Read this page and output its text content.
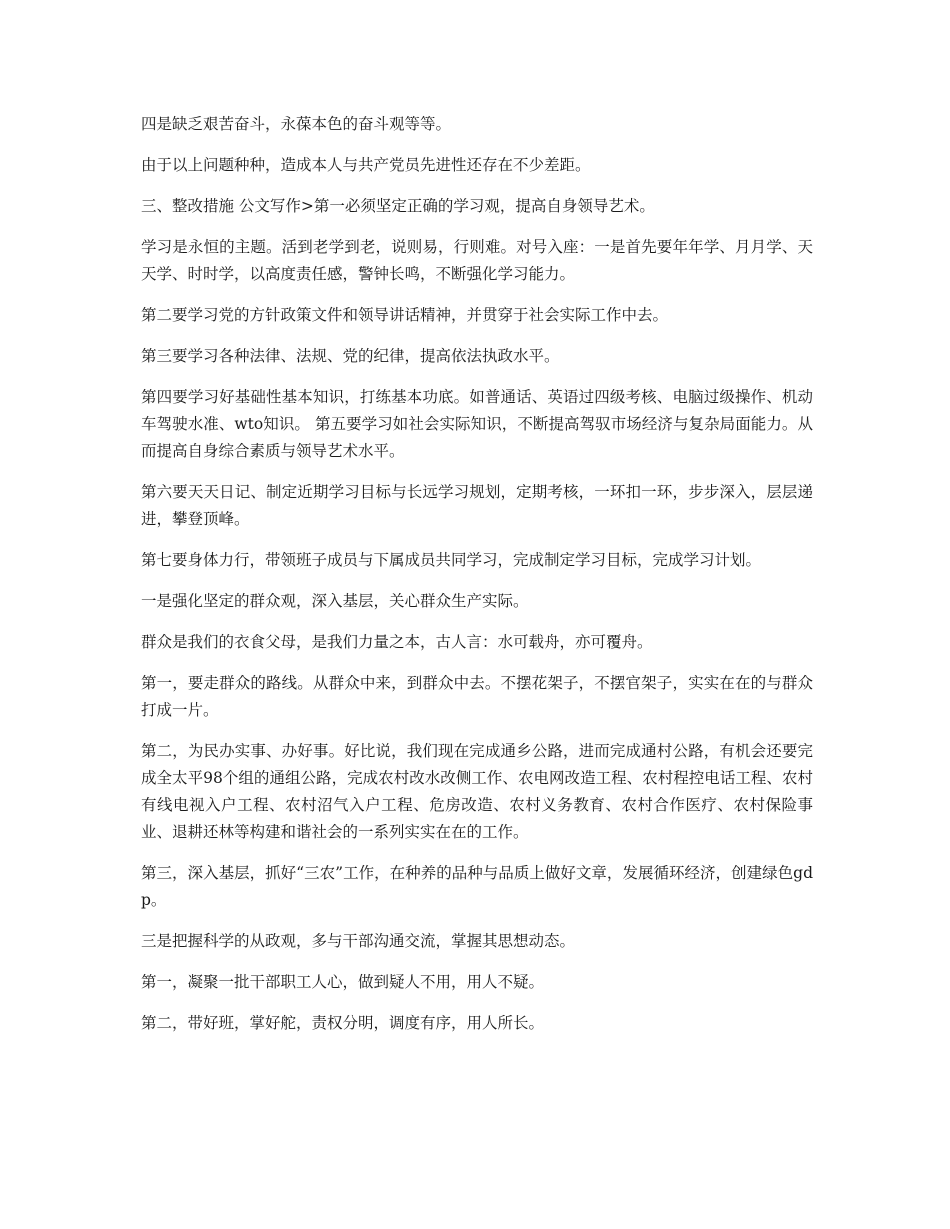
四是缺乏艰苦奋斗，永葆本色的奋斗观等等。

由于以上问题种种，造成本人与共产党员先进性还存在不少差距。

三、整改措施 公文写作>第一必须坚定正确的学习观，提高自身领导艺术。

学习是永恒的主题。活到老学到老，说则易，行则难。对号入座：一是首先要年年学、月月学、天天学、时时学，以高度责任感，警钟长鸣，不断强化学习能力。

第二要学习党的方针政策文件和领导讲话精神，并贯穿于社会实际工作中去。

第三要学习各种法律、法规、党的纪律，提高依法执政水平。

第四要学习好基础性基本知识，打练基本功底。如普通话、英语过四级考核、电脑过级操作、机动车驾驶水准、wto知识。 第五要学习如社会实际知识，不断提高驾驭市场经济与复杂局面能力。从而提高自身综合素质与领导艺术水平。

第六要天天日记、制定近期学习目标与长远学习规划，定期考核，一环扣一环，步步深入，层层递进，攀登顶峰。

第七要身体力行，带领班子成员与下属成员共同学习，完成制定学习目标，完成学习计划。

一是强化坚定的群众观，深入基层，关心群众生产实际。

群众是我们的衣食父母，是我们力量之本，古人言：水可载舟，亦可覆舟。

第一，要走群众的路线。从群众中来，到群众中去。不摆花架子，不摆官架子，实实在在的与群众打成一片。

第二，为民办实事、办好事。好比说，我们现在完成通乡公路，进而完成通村公路，有机会还要完成全太平98个组的通组公路，完成农村改水改侧工作、农电网改造工程、农村程控电话工程、农村有线电视入户工程、农村沼气入户工程、危房改造、农村义务教育、农村合作医疗、农村保险事业、退耕还林等构建和谐社会的一系列实实在在的工作。

第三，深入基层，抓好“三农”工作，在种养的品种与品质上做好文章，发展循环经济，创建绿色gdp。

三是把握科学的从政观，多与干部沟通交流，掌握其思想动态。

第一，凝聚一批干部职工人心，做到疑人不用，用人不疑。

第二，带好班，掌好舵，责权分明，调度有序，用人所长。
